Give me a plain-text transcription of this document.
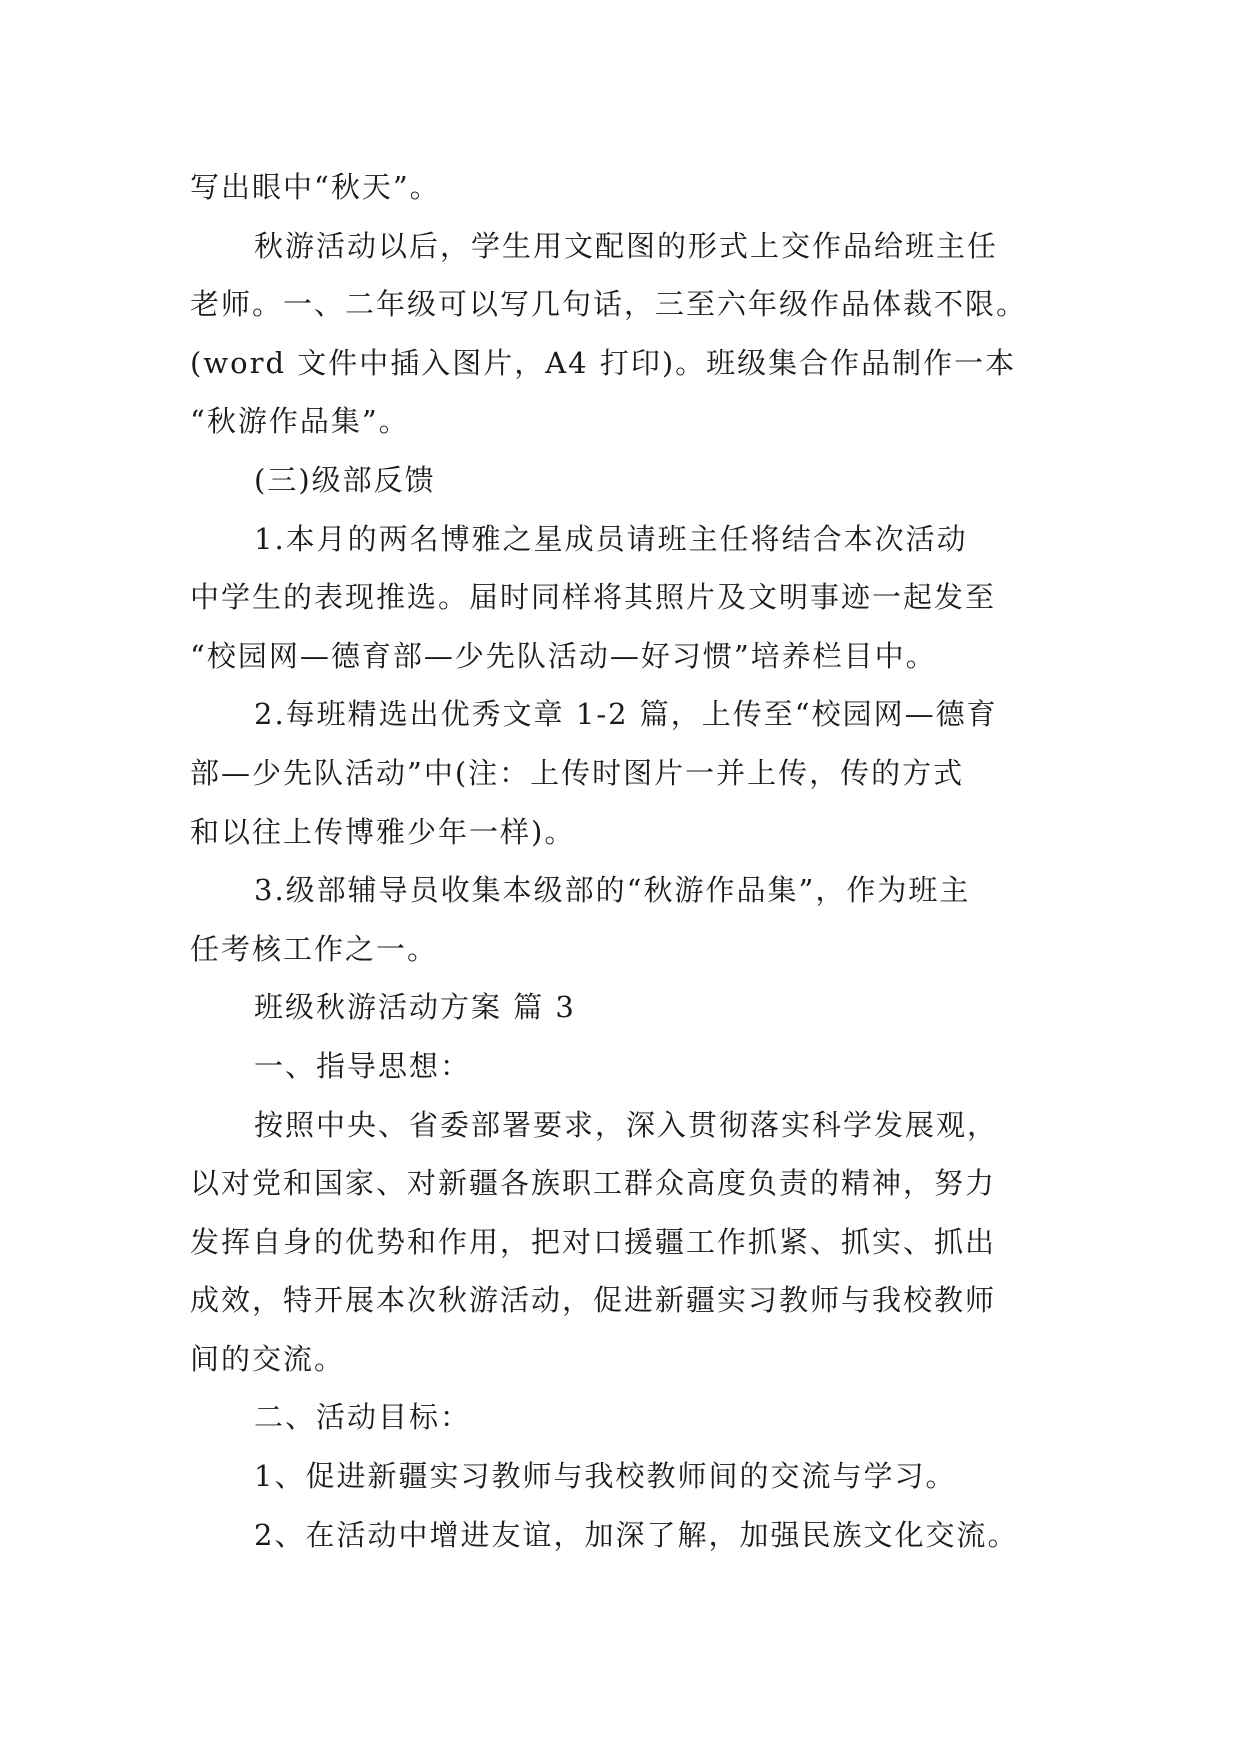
写出眼中“秋天”。

秋游活动以后，学生用文配图的形式上交作品给班主任

老师。一、二年级可以写几句话，三至六年级作品体裁不限。

(word 文件中插入图片，A4 打印)。班级集合作品制作一本

“秋游作品集”。

(三)级部反馈

1.本月的两名博雅之星成员请班主任将结合本次活动

中学生的表现推选。届时同样将其照片及文明事迹一起发至

“校园网—德育部—少先队活动—好习惯”培养栏目中。

2.每班精选出优秀文章 1-2 篇，上传至“校园网—德育

部—少先队活动”中(注：上传时图片一并上传，传的方式

和以往上传博雅少年一样)。

3.级部辅导员收集本级部的“秋游作品集”，作为班主

任考核工作之一。

班级秋游活动方案 篇 3

一、指导思想：

按照中央、省委部署要求，深入贯彻落实科学发展观，

以对党和国家、对新疆各族职工群众高度负责的精神，努力

发挥自身的优势和作用，把对口援疆工作抓紧、抓实、抓出

成效，特开展本次秋游活动，促进新疆实习教师与我校教师

间的交流。

二、活动目标：

1、促进新疆实习教师与我校教师间的交流与学习。

2、在活动中增进友谊，加深了解，加强民族文化交流。
